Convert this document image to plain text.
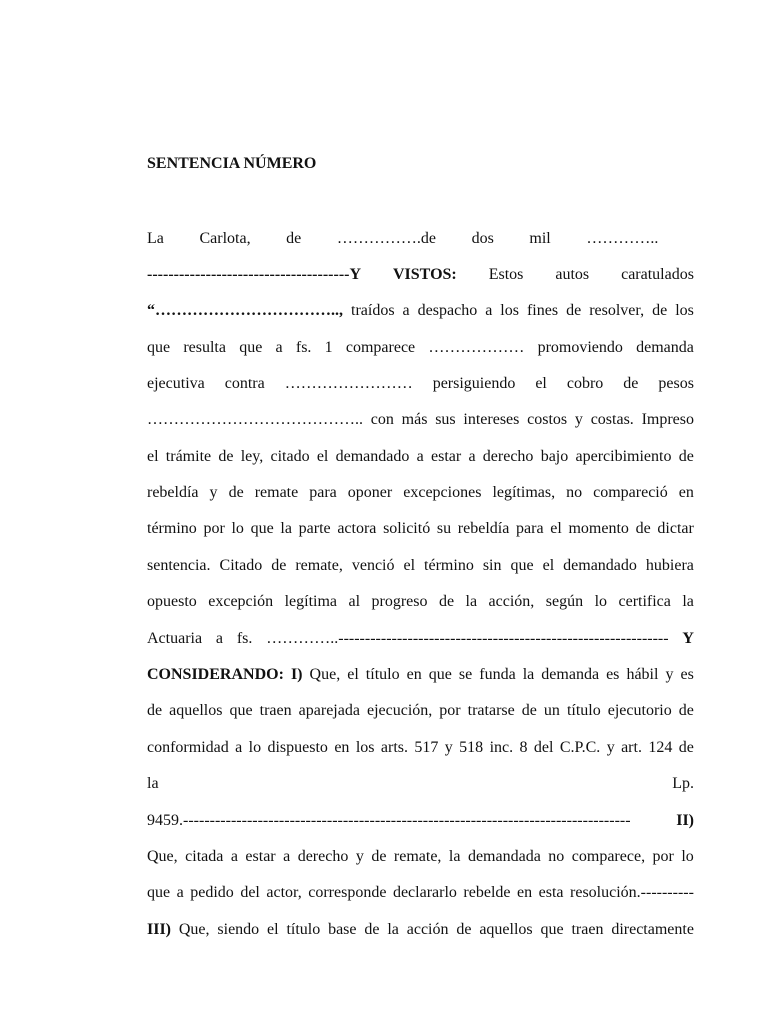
SENTENCIA NÚMERO
La Carlota, de …………….de dos mil …………..
--------------------------------------Y VISTOS: Estos autos caratulados
“…………………………….., traídos a despacho a los fines de resolver, de los
que resulta que a fs. 1 comparece ……………… promoviendo demanda
ejecutiva contra …………………… persiguiendo el cobro de pesos
………………………………….. con más sus intereses costos y costas. Impreso
el trámite de ley, citado el demandado a estar a derecho bajo apercibimiento de
rebeldía y de remate para oponer excepciones legítimas, no compareció en
término por lo que la parte actora solicitó su rebeldía para el momento de dictar
sentencia. Citado de remate, venció el término sin que el demandado hubiera
opuesto excepción legítima al progreso de la acción, según lo certifica la
Actuaria a fs. …………..-------------------------------------------------------------- Y
CONSIDERANDO: I) Que, el título en que se funda la demanda es hábil y es
de aquellos que traen aparejada ejecución, por tratarse de un título ejecutorio de
conformidad a lo dispuesto en los arts. 517 y 518 inc. 8 del C.P.C. y art. 124 de
la	Lp.
9459.------------------------------------------------------------------------------------	II)
Que, citada a estar a derecho y de remate, la demandada no comparece, por lo
que a pedido del actor, corresponde declararlo rebelde en esta resolución.----------
III) Que, siendo el título base de la acción de aquellos que traen directamente
